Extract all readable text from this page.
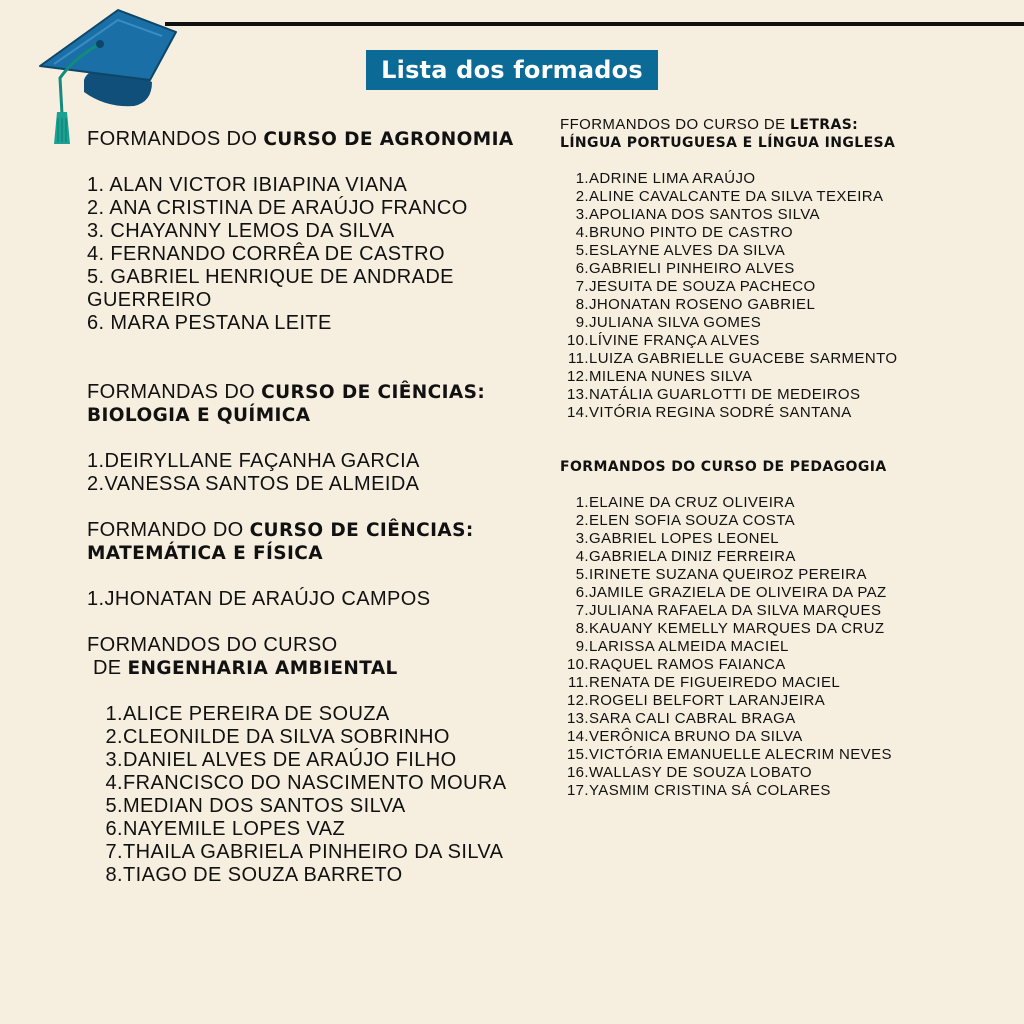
Lista dos formados
FORMANDOS DO CURSO DE AGRONOMIA
1. ALAN VICTOR IBIAPINA VIANA
2. ANA CRISTINA DE ARAÚJO FRANCO
3. CHAYANNY LEMOS DA SILVA
4. FERNANDO CORRÊA DE CASTRO
5. GABRIEL HENRIQUE DE ANDRADE
GUERREIRO
6. MARA PESTANA LEITE
FORMANDAS DO CURSO DE CIÊNCIAS: BIOLOGIA E QUÍMICA
1.DEIRYLLANE FAÇANHA GARCIA
2.VANESSA SANTOS DE ALMEIDA
FORMANDO DO CURSO DE CIÊNCIAS: MATEMÁTICA E FÍSICA
1.JHONATAN DE ARAÚJO CAMPOS
FORMANDOS DO CURSO
DE ENGENHARIA AMBIENTAL
1. ALICE PEREIRA DE SOUZA
2. CLEONILDE DA SILVA SOBRINHO
3. DANIEL ALVES DE ARAÚJO FILHO
4. FRANCISCO DO NASCIMENTO MOURA
5. MEDIAN DOS SANTOS SILVA
6. NAYEMILE LOPES VAZ
7. THAILA GABRIELA PINHEIRO DA SILVA
8. TIAGO DE SOUZA BARRETO
FFORMANDOS DO CURSO DE LETRAS: LÍNGUA PORTUGUESA E LÍNGUA INGLESA
1. ADRINE LIMA ARAÚJO
2. ALINE CAVALCANTE DA SILVA TEXEIRA
3. APOLIANA DOS SANTOS SILVA
4. BRUNO PINTO DE CASTRO
5. ESLAYNE ALVES DA SILVA
6. GABRIELI PINHEIRO ALVES
7. JESUITA DE SOUZA PACHECO
8. JHONATAN ROSENO GABRIEL
9. JULIANA SILVA GOMES
10. LÍVINE FRANÇA ALVES
11. LUIZA GABRIELLE GUACEBE SARMENTO
12. MILENA NUNES SILVA
13. NATÁLIA GUARLOTTI DE MEDEIROS
14. VITÓRIA REGINA SODRÉ SANTANA
FORMANDOS DO CURSO DE PEDAGOGIA
1. ELAINE DA CRUZ OLIVEIRA
2. ELEN SOFIA SOUZA COSTA
3. GABRIEL LOPES LEONEL
4. GABRIELA DINIZ FERREIRA
5. IRINETE SUZANA QUEIROZ PEREIRA
6. JAMILE GRAZIELA DE OLIVEIRA DA PAZ
7. JULIANA RAFAELA DA SILVA MARQUES
8. KAUANY KEMELLY MARQUES DA CRUZ
9. LARISSA ALMEIDA MACIEL
10. RAQUEL RAMOS FAIANCA
11. RENATA DE FIGUEIREDO MACIEL
12. ROGELI BELFORT LARANJEIRA
13. SARA CALI CABRAL BRAGA
14. VERÔNICA BRUNO DA SILVA
15. VICTÓRIA EMANUELLE ALECRIM NEVES
16. WALLASY DE SOUZA LOBATO
17. YASMIM CRISTINA SÁ COLARES
